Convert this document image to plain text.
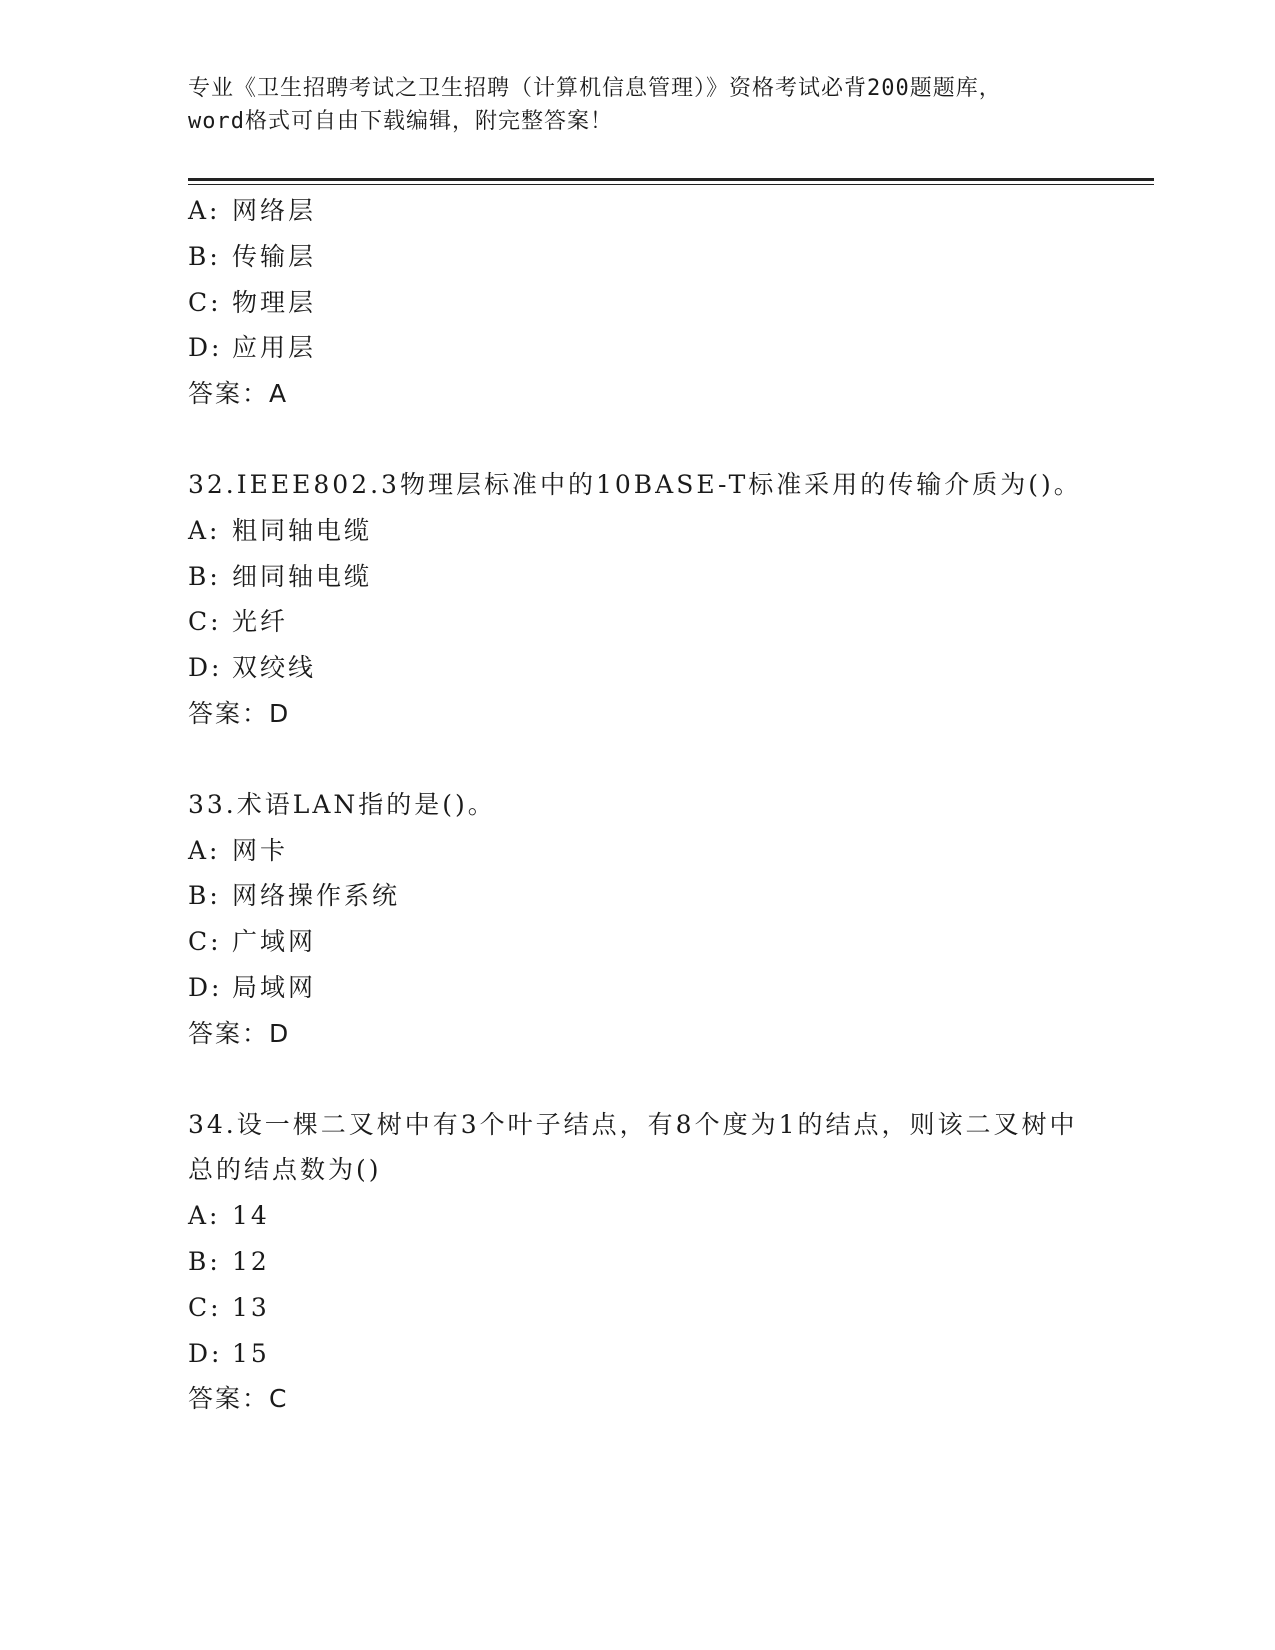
专业《卫生招聘考试之卫生招聘（计算机信息管理）》资格考试必背200题题库，
word格式可自由下载编辑，附完整答案！
A: 网络层
B: 传输层
C: 物理层
D: 应用层
答案：A
32.IEEE802.3物理层标准中的10BASE-T标准采用的传输介质为()。
A: 粗同轴电缆
B: 细同轴电缆
C: 光纤
D: 双绞线
答案：D
33.术语LAN指的是()。
A: 网卡
B: 网络操作系统
C: 广域网
D: 局域网
答案：D
34.设一棵二叉树中有3个叶子结点，有8个度为1的结点，则该二叉树中总的结点数为()
A: 14
B: 12
C: 13
D: 15
答案：C
